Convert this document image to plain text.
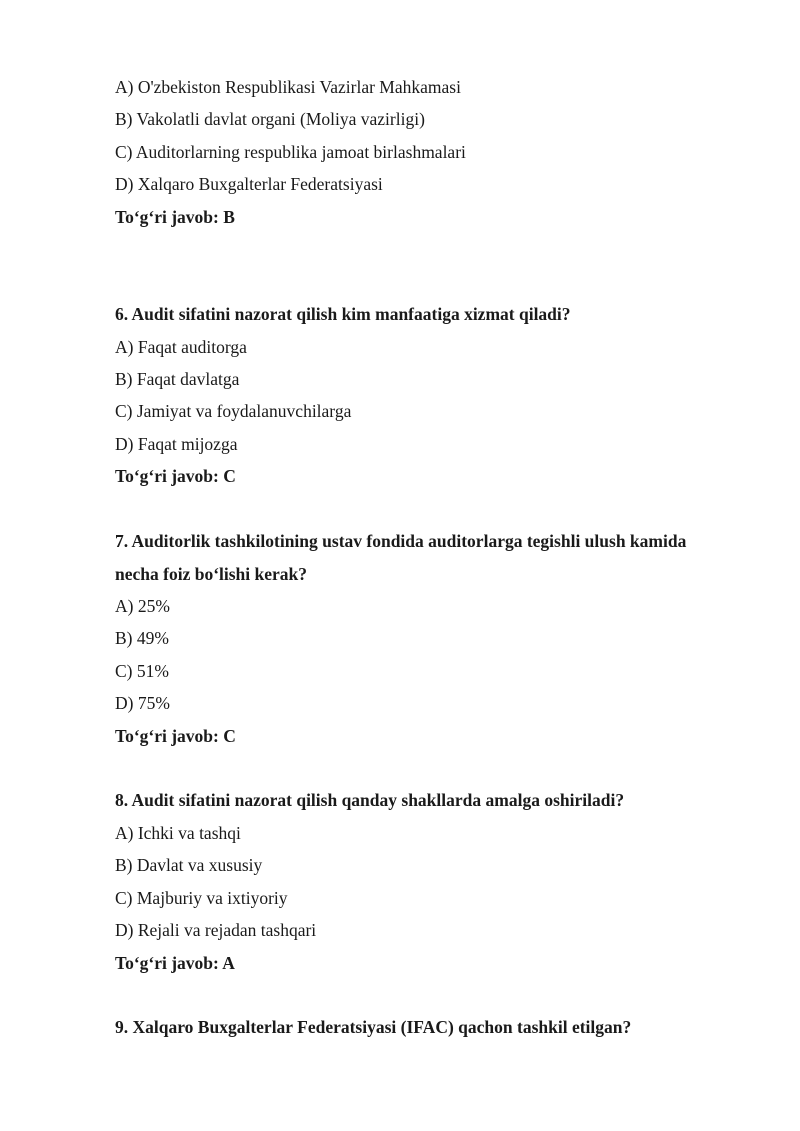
A) O'zbekiston Respublikasi Vazirlar Mahkamasi
B) Vakolatli davlat organi (Moliya vazirligi)
C) Auditorlarning respublika jamoat birlashmalari
D) Xalqaro Buxgalterlar Federatsiyasi
To‘g‘ri javob: B
6. Audit sifatini nazorat qilish kim manfaatiga xizmat qiladi?
A) Faqat auditorga
B) Faqat davlatga
C) Jamiyat va foydalanuvchilarga
D) Faqat mijozga
To‘g‘ri javob: C
7. Auditorlik tashkilotining ustav fondida auditorlarga tegishli ulush kamida
necha foiz bo‘lishi kerak?
A) 25%
B) 49%
C) 51%
D) 75%
To‘g‘ri javob: C
8. Audit sifatini nazorat qilish qanday shakllarda amalga oshiriladi?
A) Ichki va tashqi
B) Davlat va xususiy
C) Majburiy va ixtiyoriy
D) Rejali va rejadan tashqari
To‘g‘ri javob: A
9. Xalqaro Buxgalterlar Federatsiyasi (IFAC) qachon tashkil etilgan?
